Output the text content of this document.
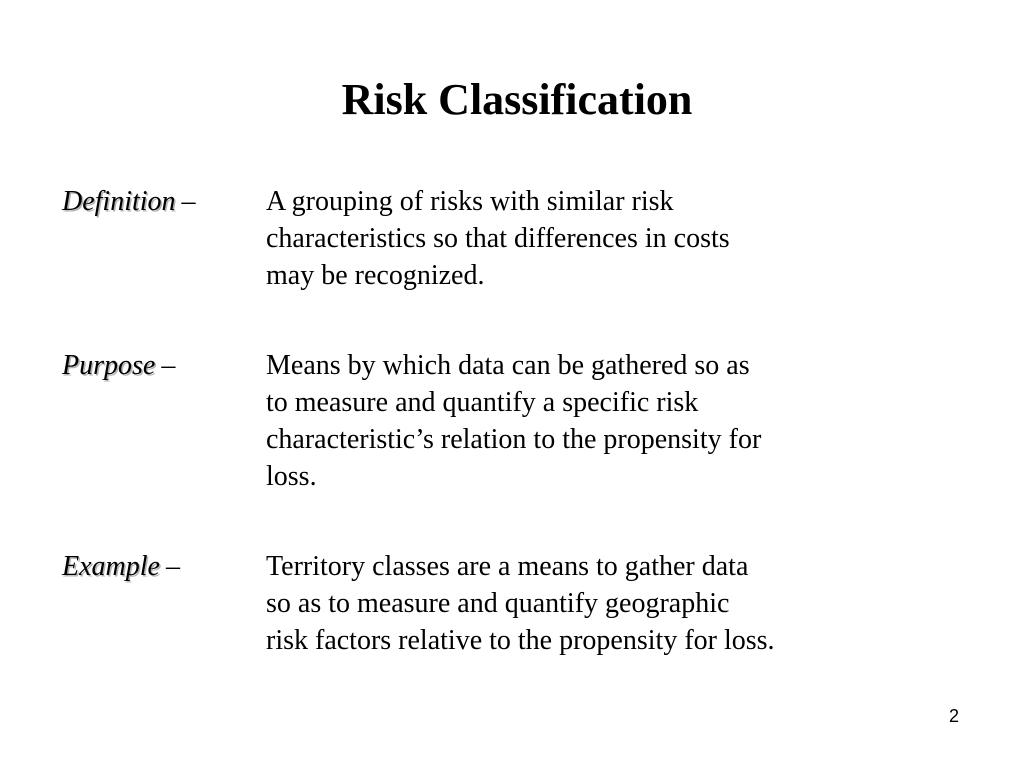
Risk Classification
Definition –	A grouping of risks with similar risk
characteristics so that differences in costs
may be recognized.
Purpose –	Means by which data can be gathered so as
to measure and quantify a specific risk
characteristic’s relation to the propensity for
loss.
Example –	Territory classes are a means to gather data
so as to measure and quantify geographic
risk factors relative to the propensity for loss.
2
